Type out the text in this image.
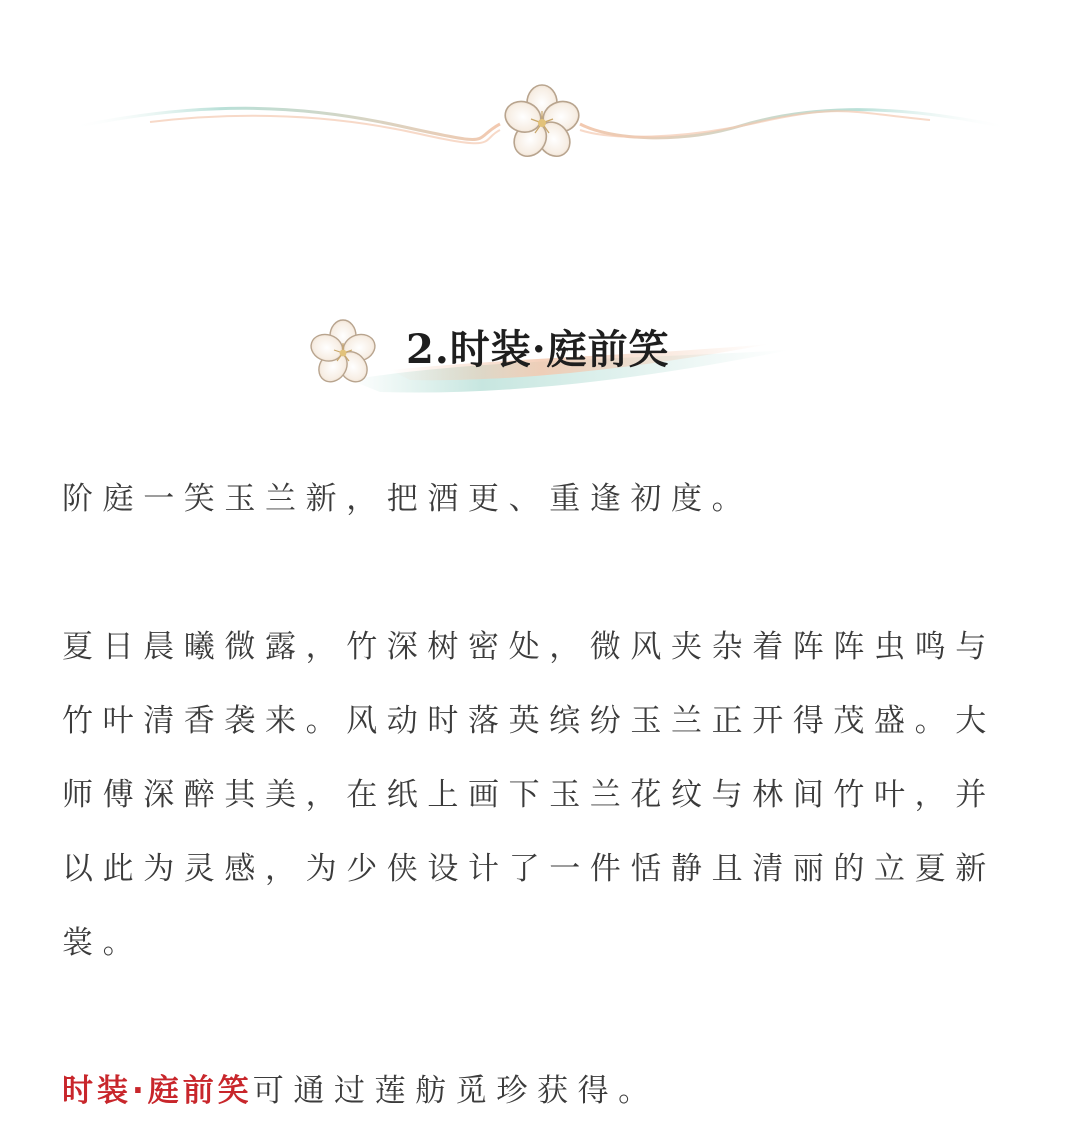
2.时装·庭前笑

阶庭一笑玉兰新，把酒更、重逢初度。

夏日晨曦微露，竹深树密处，微风夹杂着阵阵虫鸣与竹叶清香袭来。风动时落英缤纷玉兰正开得茂盛。大师傅深醉其美，在纸上画下玉兰花纹与林间竹叶，并以此为灵感，为少侠设计了一件恬静且清丽的立夏新裳。

时装·庭前笑可通过莲舫觅珍获得。
